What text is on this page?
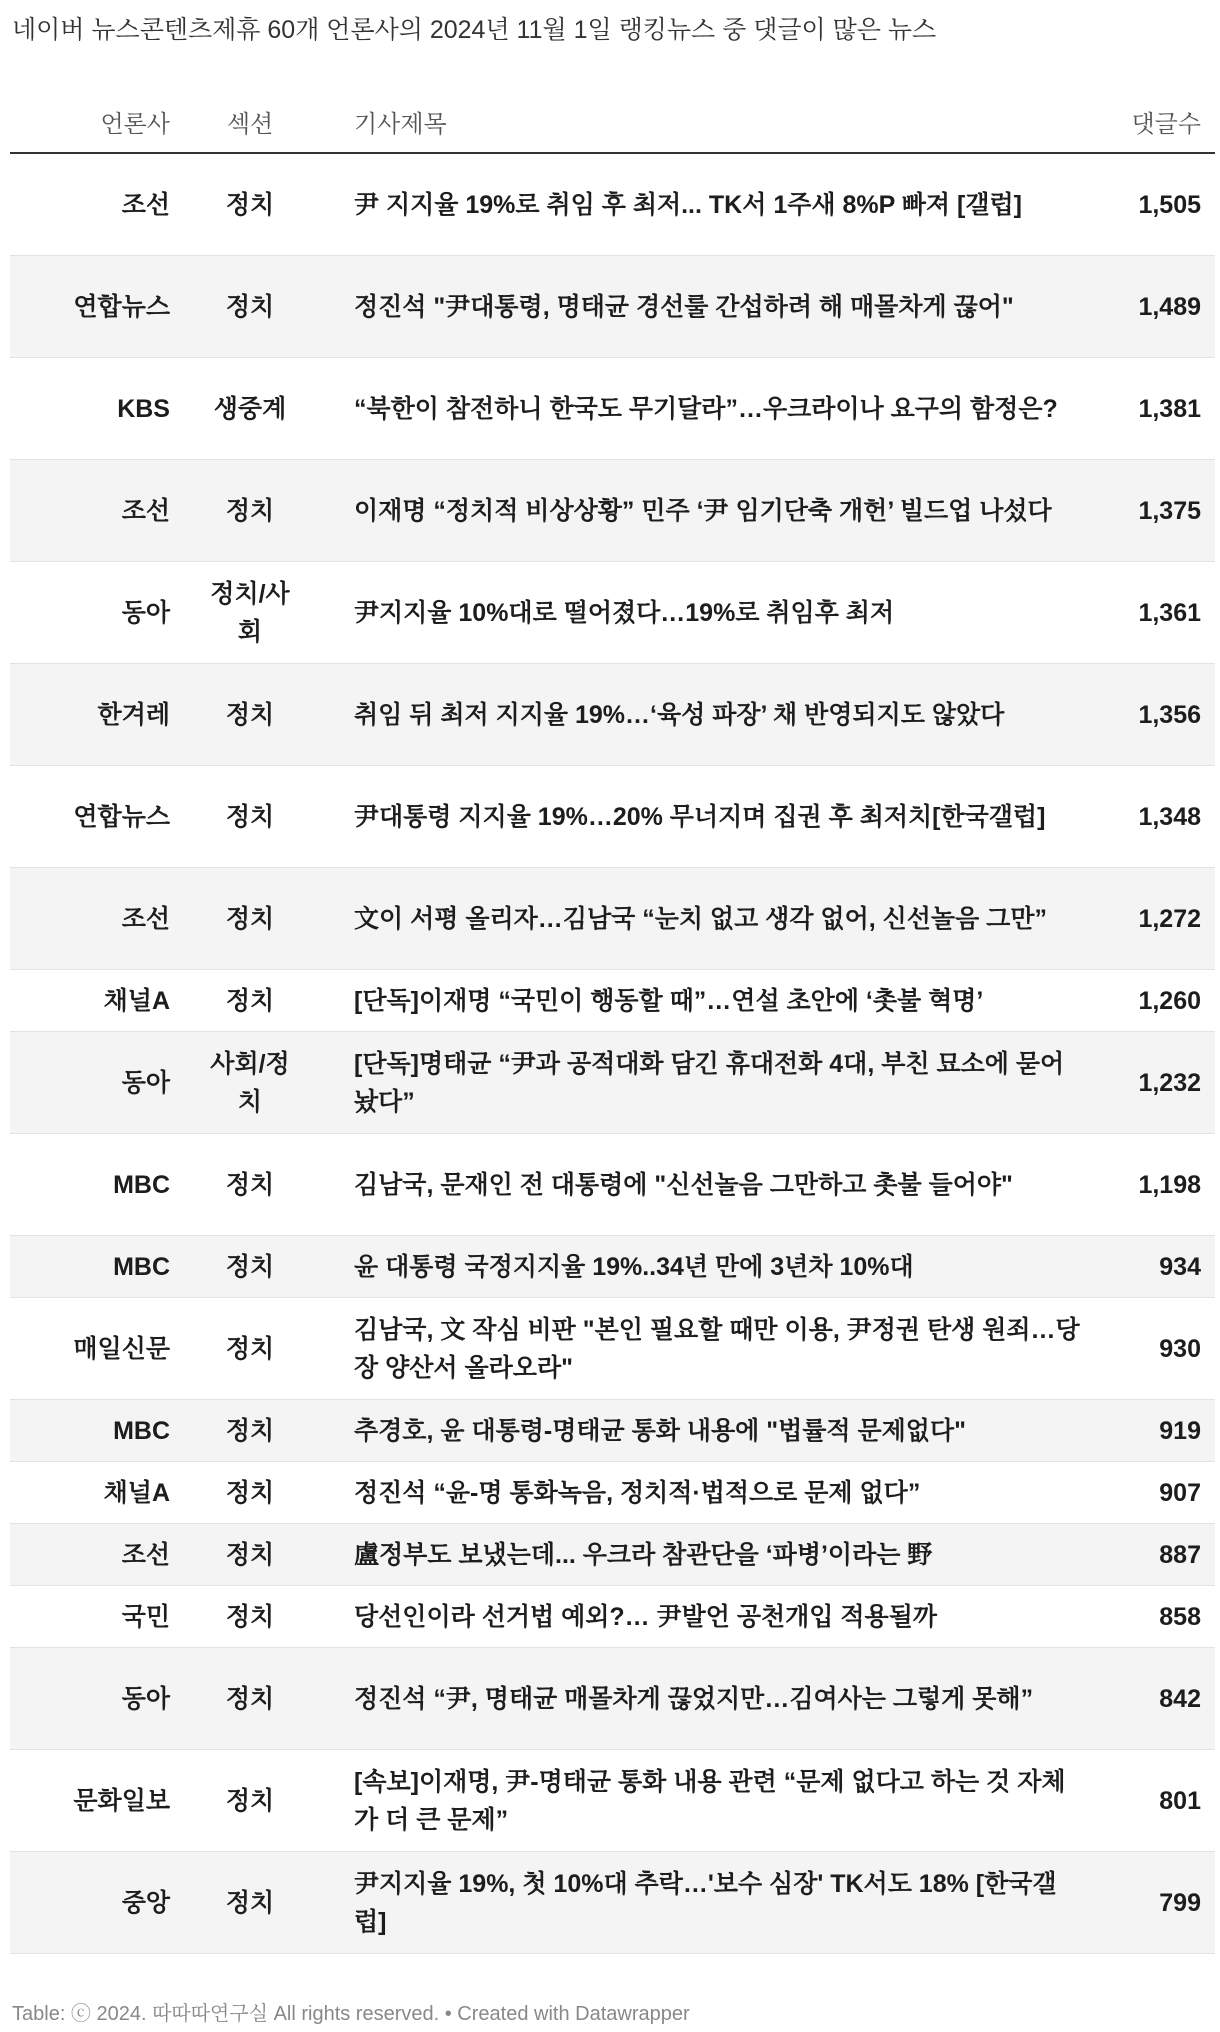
네이버 뉴스콘텐츠제휴 60개 언론사의 2024년 11월 1일 랭킹뉴스 중 댓글이 많은 뉴스
언론사	섹션	기사제목	댓글수
조선	정치	尹 지지율 19%로 취임 후 최저... TK서 1주새 8%P 빠져 [갤럽]	1,505
연합뉴스	정치	정진석 "尹대통령, 명태균 경선룰 간섭하려 해 매몰차게 끊어"	1,489
KBS	생중계	“북한이 참전하니 한국도 무기달라”…우크라이나 요구의 함정은?	1,381
조선	정치	이재명 “정치적 비상상황” 민주 ‘尹 임기단축 개헌’ 빌드업 나섰다	1,375
동아	정치/사회	尹지지율 10%대로 떨어졌다…19%로 취임후 최저	1,361
한겨레	정치	취임 뒤 최저 지지율 19%…‘육성 파장’ 채 반영되지도 않았다	1,356
연합뉴스	정치	尹대통령 지지율 19%…20% 무너지며 집권 후 최저치[한국갤럽]	1,348
조선	정치	文이 서평 올리자…김남국 “눈치 없고 생각 없어, 신선놀음 그만”	1,272
채널A	정치	[단독]이재명 “국민이 행동할 때”…연설 초안에 ‘촛불 혁명’	1,260
동아	사회/정치	[단독]명태균 “尹과 공적대화 담긴 휴대전화 4대, 부친 묘소에 묻어놨다”	1,232
MBC	정치	김남국, 문재인 전 대통령에 "신선놀음 그만하고 촛불 들어야"	1,198
MBC	정치	윤 대통령 국정지지율 19%..34년 만에 3년차 10%대	934
매일신문	정치	김남국, 文 작심 비판 "본인 필요할 때만 이용, 尹정권 탄생 원죄…당장 양산서 올라오라"	930
MBC	정치	추경호, 윤 대통령-명태균 통화 내용에 "법률적 문제없다"	919
채널A	정치	정진석 “윤-명 통화녹음, 정치적·법적으로 문제 없다”	907
조선	정치	盧정부도 보냈는데... 우크라 참관단을 ‘파병’이라는 野	887
국민	정치	당선인이라 선거법 예외?… 尹발언 공천개입 적용될까	858
동아	정치	정진석 “尹, 명태균 매몰차게 끊었지만…김여사는 그렇게 못해”	842
문화일보	정치	[속보]이재명, 尹-명태균 통화 내용 관련 “문제 없다고 하는 것 자체가 더 큰 문제”	801
중앙	정치	尹지지율 19%, 첫 10%대 추락…'보수 심장' TK서도 18% [한국갤럽]	799
Table: ⓒ 2024. 따따따연구실 All rights reserved. • Created with Datawrapper
